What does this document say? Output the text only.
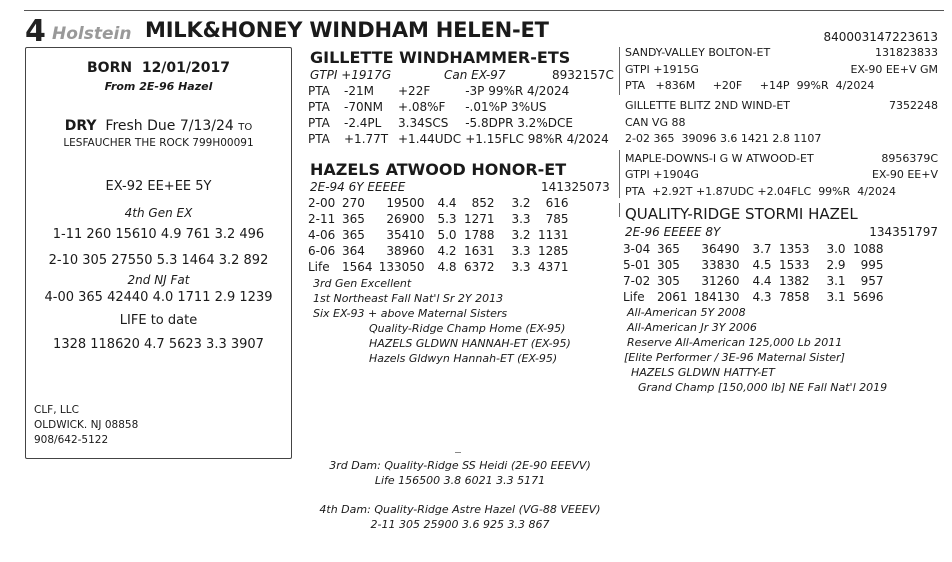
4 Holstein MILK&HONEY WINDHAM HELEN-ET	840003147223613
BORN 12/01/2017
From 2E-96 Hazel
DRY Fresh Due 7/13/24 TO
LESFAUCHER THE ROCK 799H00091
EX-92 EE+EE 5Y
4th Gen EX
1-11 260 15610 4.9 761 3.2 496
2-10 305 27550 5.3 1464 3.2 892
2nd NJ Fat
4-00 365 42440 4.0 1711 2.9 1239
LIFE to date
1328 118620 4.7 5623 3.3 3907
CLF, LLC
OLDWICK. NJ 08858
908/642-5122
GILLETTE WINDHAMMER-ETS
GTPI +1917G	Can EX-97	8932157C
PTA	-21M	+22F	-3P 99%R 4/2024
PTA	-70NM	+.08%F	-.01%P 3%US
PTA	-2.4PL	3.34SCS	-5.8DPR 3.2%DCE
PTA	+1.77T	+1.44UDC	+1.15FLC 98%R 4/2024
HAZELS ATWOOD HONOR-ET
2E-94 6Y EEEEE	141325073
2-00	270	19500	4.4	852	3.2	616
2-11	365	26900	5.3	1271	3.3	785
4-06	365	35410	5.0	1788	3.2	1131
6-06	364	38960	4.2	1631	3.3	1285
Life	1564	133050	4.8	6372	3.3	4371
3rd Gen Excellent
1st Northeast Fall Nat'l Sr 2Y 2013
Six EX-93 + above Maternal Sisters
Quality-Ridge Champ Home (EX-95)
HAZELS GLDWN HANNAH-ET (EX-95)
Hazels Gldwyn Hannah-ET (EX-95)
SANDY-VALLEY BOLTON-ET	131823833
GTPI +1915G	EX-90 EE+V GM
PTA   +836M     +20F     +14P  99%R  4/2024
GILLETTE BLITZ 2ND WIND-ET	7352248
CAN VG 88
2-02 365  39096 3.6 1421 2.8 1107
MAPLE-DOWNS-I G W ATWOOD-ET	8956379C
GTPI +1904G	EX-90 EE+V
PTA  +2.92T +1.87UDC +2.04FLC  99%R  4/2024
QUALITY-RIDGE STORMI HAZEL
2E-96 EEEEE 8Y	134351797
3-04	365	36490	3.7	1353	3.0	1088
5-01	305	33830	4.5	1533	2.9	995
7-02	305	31260	4.4	1382	3.1	957
Life	2061	184130	4.3	7858	3.1	5696
All-American 5Y 2008
All-American Jr 3Y 2006
Reserve All-American 125,000 Lb 2011
[Elite Performer / 3E-96 Maternal Sister]
HAZELS GLDWN HATTY-ET
Grand Champ [150,000 lb] NE Fall Nat'l 2019
3rd Dam: Quality-Ridge SS Heidi (2E-90 EEEVV)
Life 156500 3.8 6021 3.3 5171
4th Dam: Quality-Ridge Astre Hazel (VG-88 VEEEV)
2-11 305 25900 3.6 925 3.3 867
